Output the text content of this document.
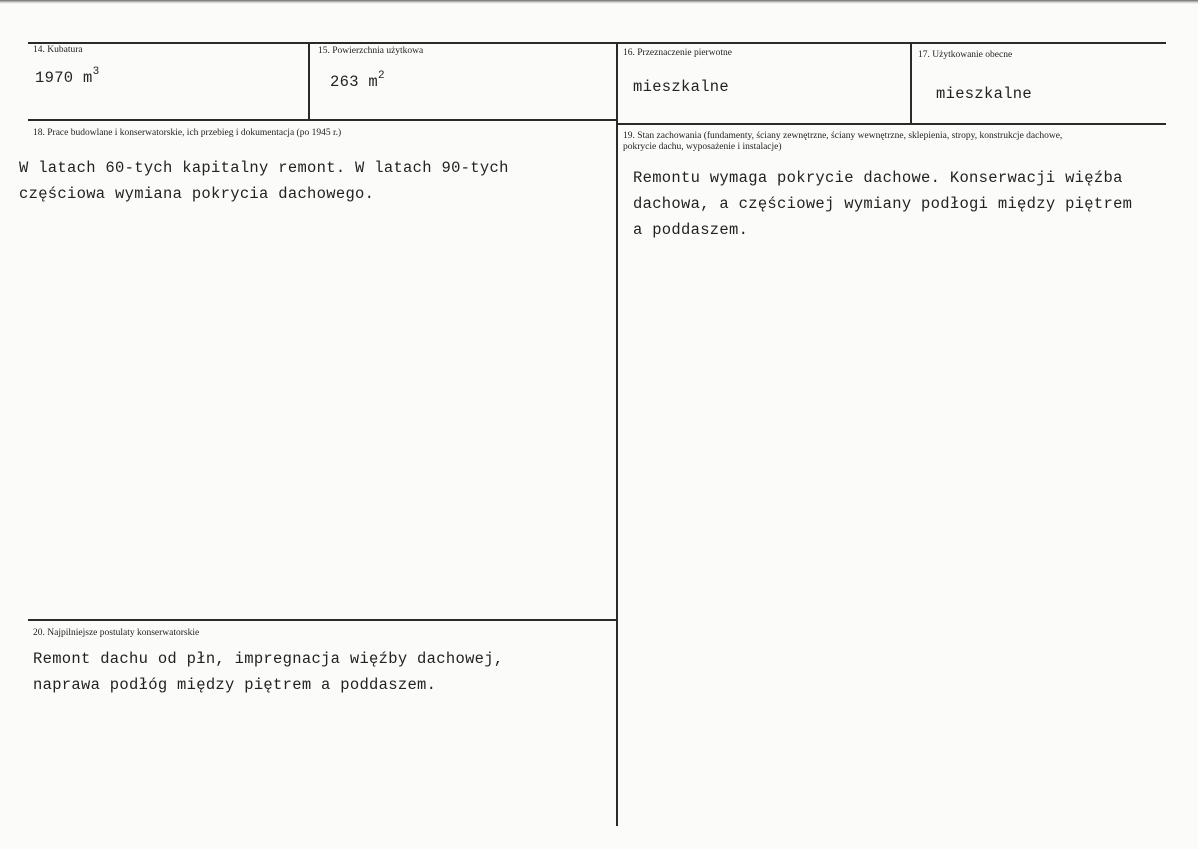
14. Kubatura
1970 $m^3$
15. Powierzchnia użytkowa
263 $m^2$
16. Przeznaczenie pierwotne
mieszkalne
17. Użytkowanie obecne
mieszkalne
18. Prace budowlane i konserwatorskie, ich przebieg i dokumentacja (po 1945 r.)
W latach 60-tych kapitalny remont. W latach 90-tych
częściowa wymiana pokrycia dachowego.
19. Stan zachowania (fundamenty, ściany zewnętrzne, ściany wewnętrzne, sklepienia, stropy, konstrukcje dachowe,
pokrycie dachu, wyposażenie i instalacje)
Remontu wymaga pokrycie dachowe. Konserwacji więźba
dachowa, a częściowej wymiany podłogi między piętrem
a poddaszem.
20. Najpilniejsze postulaty konserwatorskie
Remont dachu od płn, impregnacja więźby dachowej,
naprawa podłóg między piętrem a poddaszem.
